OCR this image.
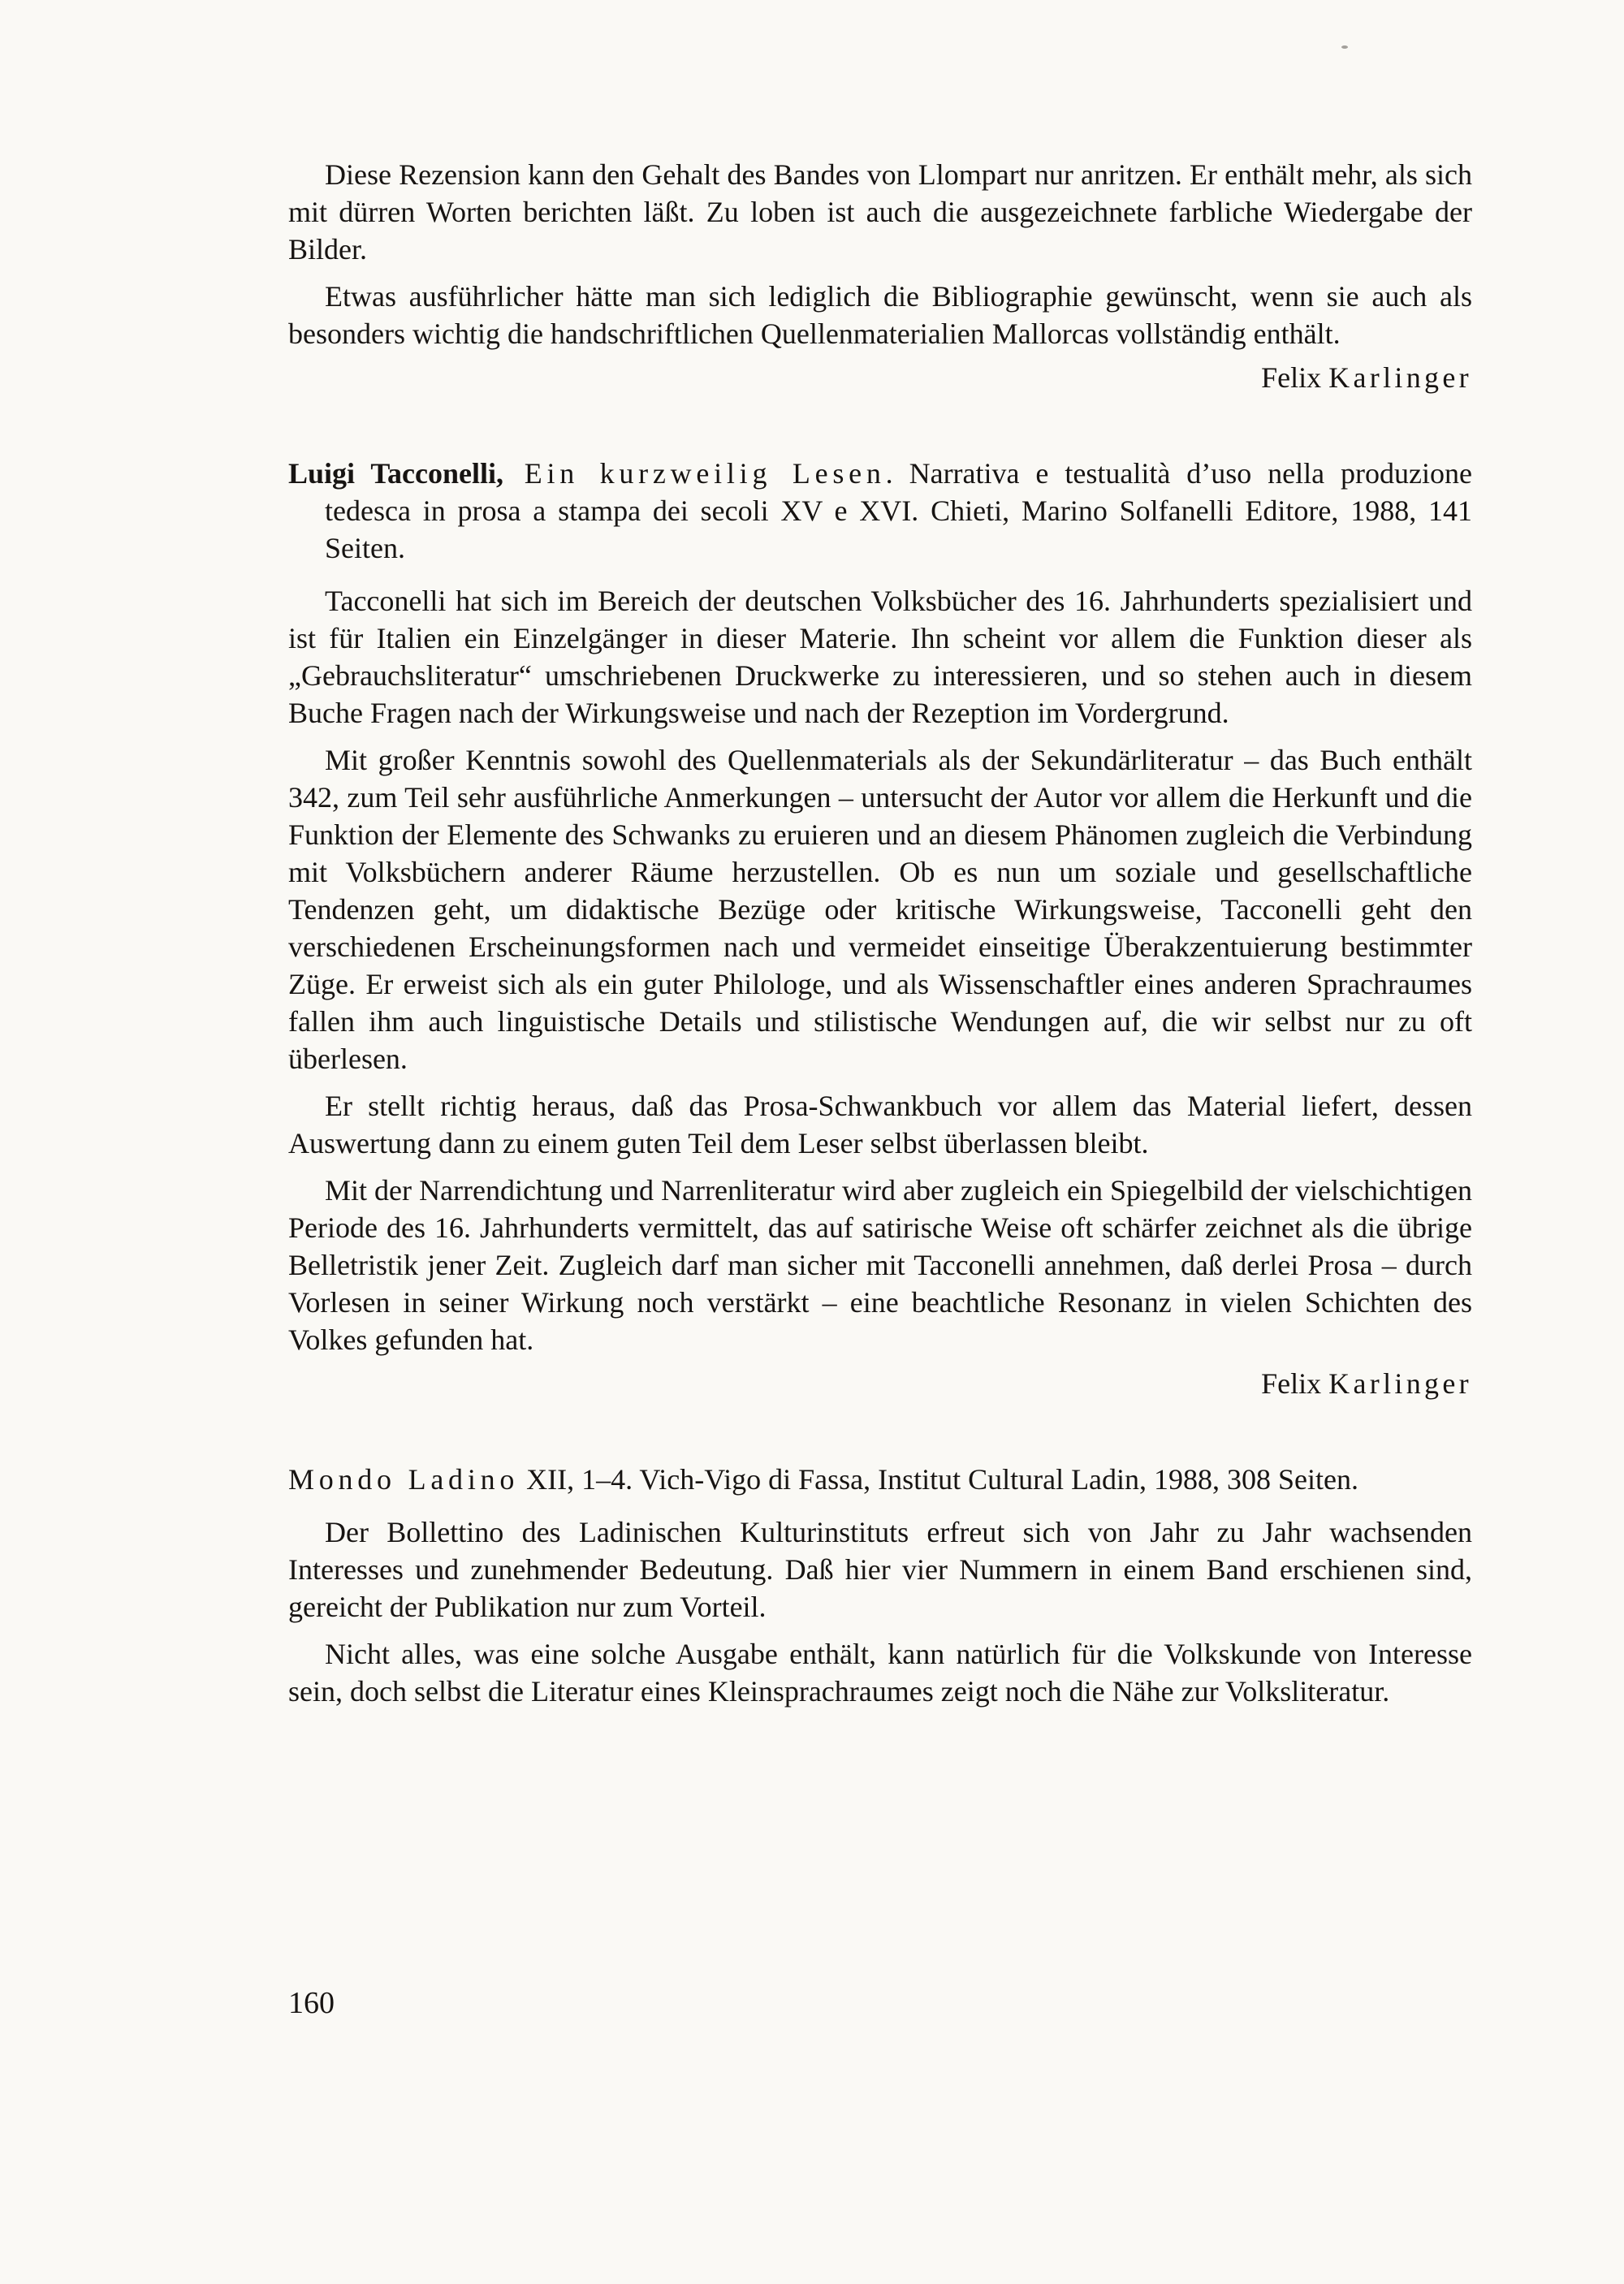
Diese Rezension kann den Gehalt des Bandes von Llompart nur anritzen. Er enthält mehr, als sich mit dürren Worten berichten läßt. Zu loben ist auch die ausgezeichnete farbliche Wiedergabe der Bilder.

Etwas ausführlicher hätte man sich lediglich die Bibliographie gewünscht, wenn sie auch als besonders wichtig die handschriftlichen Quellenmaterialien Mallorcas vollständig enthält.

Felix Karlinger

Luigi Tacconelli, Ein kurzweilig Lesen. Narrativa e testualità d’uso nella produzione tedesca in prosa a stampa dei secoli XV e XVI. Chieti, Marino Solfanelli Editore, 1988, 141 Seiten.

Tacconelli hat sich im Bereich der deutschen Volksbücher des 16. Jahrhunderts spezialisiert und ist für Italien ein Einzelgänger in dieser Materie. Ihn scheint vor allem die Funktion dieser als „Gebrauchsliteratur“ umschriebenen Druckwerke zu interessieren, und so stehen auch in diesem Buche Fragen nach der Wirkungsweise und nach der Rezeption im Vordergrund.

Mit großer Kenntnis sowohl des Quellenmaterials als der Sekundärliteratur – das Buch enthält 342, zum Teil sehr ausführliche Anmerkungen – untersucht der Autor vor allem die Herkunft und die Funktion der Elemente des Schwanks zu eruieren und an diesem Phänomen zugleich die Verbindung mit Volksbüchern anderer Räume herzustellen. Ob es nun um soziale und gesellschaftliche Tendenzen geht, um didaktische Bezüge oder kritische Wirkungsweise, Tacconelli geht den verschiedenen Erscheinungsformen nach und vermeidet einseitige Überakzentuierung bestimmter Züge. Er erweist sich als ein guter Philologe, und als Wissenschaftler eines anderen Sprachraumes fallen ihm auch linguistische Details und stilistische Wendungen auf, die wir selbst nur zu oft überlesen.

Er stellt richtig heraus, daß das Prosa-Schwankbuch vor allem das Material liefert, dessen Auswertung dann zu einem guten Teil dem Leser selbst überlassen bleibt.

Mit der Narrendichtung und Narrenliteratur wird aber zugleich ein Spiegelbild der vielschichtigen Periode des 16. Jahrhunderts vermittelt, das auf satirische Weise oft schärfer zeichnet als die übrige Belletristik jener Zeit. Zugleich darf man sicher mit Tacconelli annehmen, daß derlei Prosa – durch Vorlesen in seiner Wirkung noch verstärkt – eine beachtliche Resonanz in vielen Schichten des Volkes gefunden hat.

Felix Karlinger

Mondo Ladino XII, 1–4. Vich-Vigo di Fassa, Institut Cultural Ladin, 1988, 308 Seiten.

Der Bollettino des Ladinischen Kulturinstituts erfreut sich von Jahr zu Jahr wachsenden Interesses und zunehmender Bedeutung. Daß hier vier Nummern in einem Band erschienen sind, gereicht der Publikation nur zum Vorteil.

Nicht alles, was eine solche Ausgabe enthält, kann natürlich für die Volkskunde von Interesse sein, doch selbst die Literatur eines Kleinsprachraumes zeigt noch die Nähe zur Volksliteratur.

160
